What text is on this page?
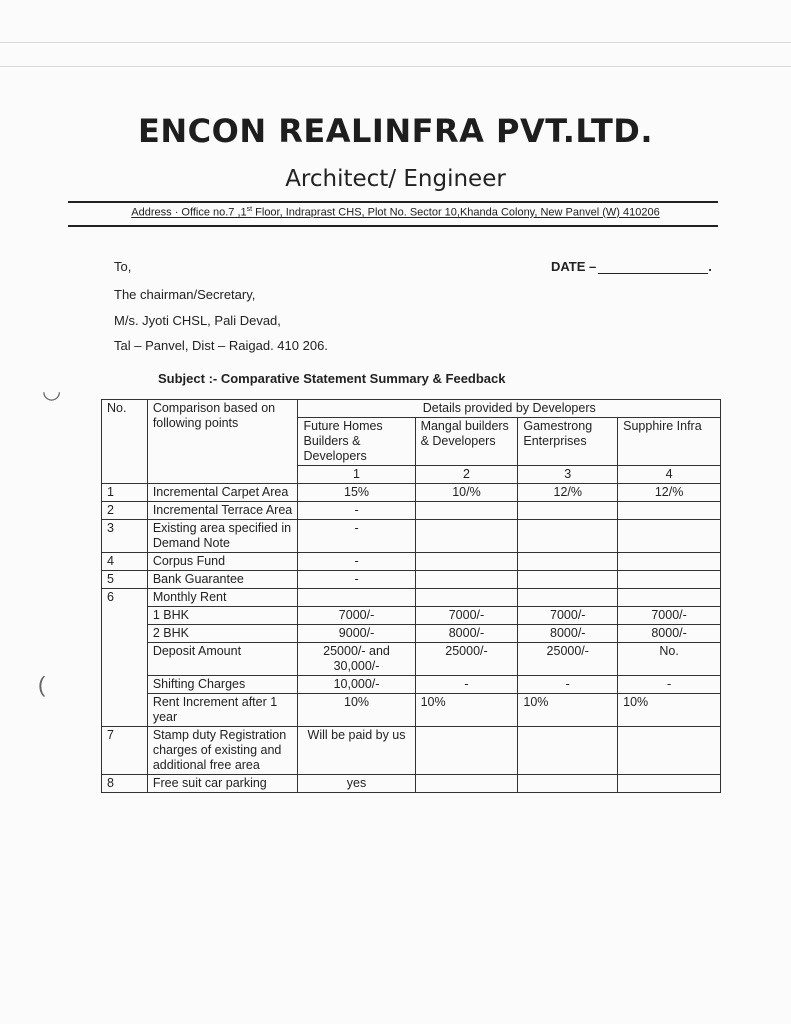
ENCON REALINFRA PVT.LTD.
Architect/ Engineer
Address · Office no.7 ,1st Floor, Indraprast CHS, Plot No. Sector 10,Khanda Colony, New Panvel (W) 410206
To,	DATE –	.
The chairman/Secretary,
M/s. Jyoti CHSL, Pali Devad,
Tal – Panvel, Dist – Raigad. 410 206.
Subject :- Comparative Statement Summary & Feedback
◡
(
No.	Comparison based on following points	Details provided by Developers			
		Future Homes Builders & Developers	Mangal builders & Developers	Gamestrong Enterprises	Supphire Infra
		1	2	3	4
1	Incremental Carpet Area	15%	10/%	12/%	12/%
2	Incremental Terrace Area	-			
3	Existing area specified in Demand Note	-			
4	Corpus Fund	-			
5	Bank Guarantee	-			
6	Monthly Rent				
	1 BHK	7000/-	7000/-	7000/-	7000/-
	2 BHK	9000/-	8000/-	8000/-	8000/-
	Deposit Amount	25000/- and 30,000/-	25000/-	25000/-	No.
	Shifting Charges	10,000/-	-	-	-
	Rent Increment after 1 year	10%	10%	10%	10%
7	Stamp duty Registration charges of existing and additional free area	Will be paid by us			
8	Free suit car parking	yes			
